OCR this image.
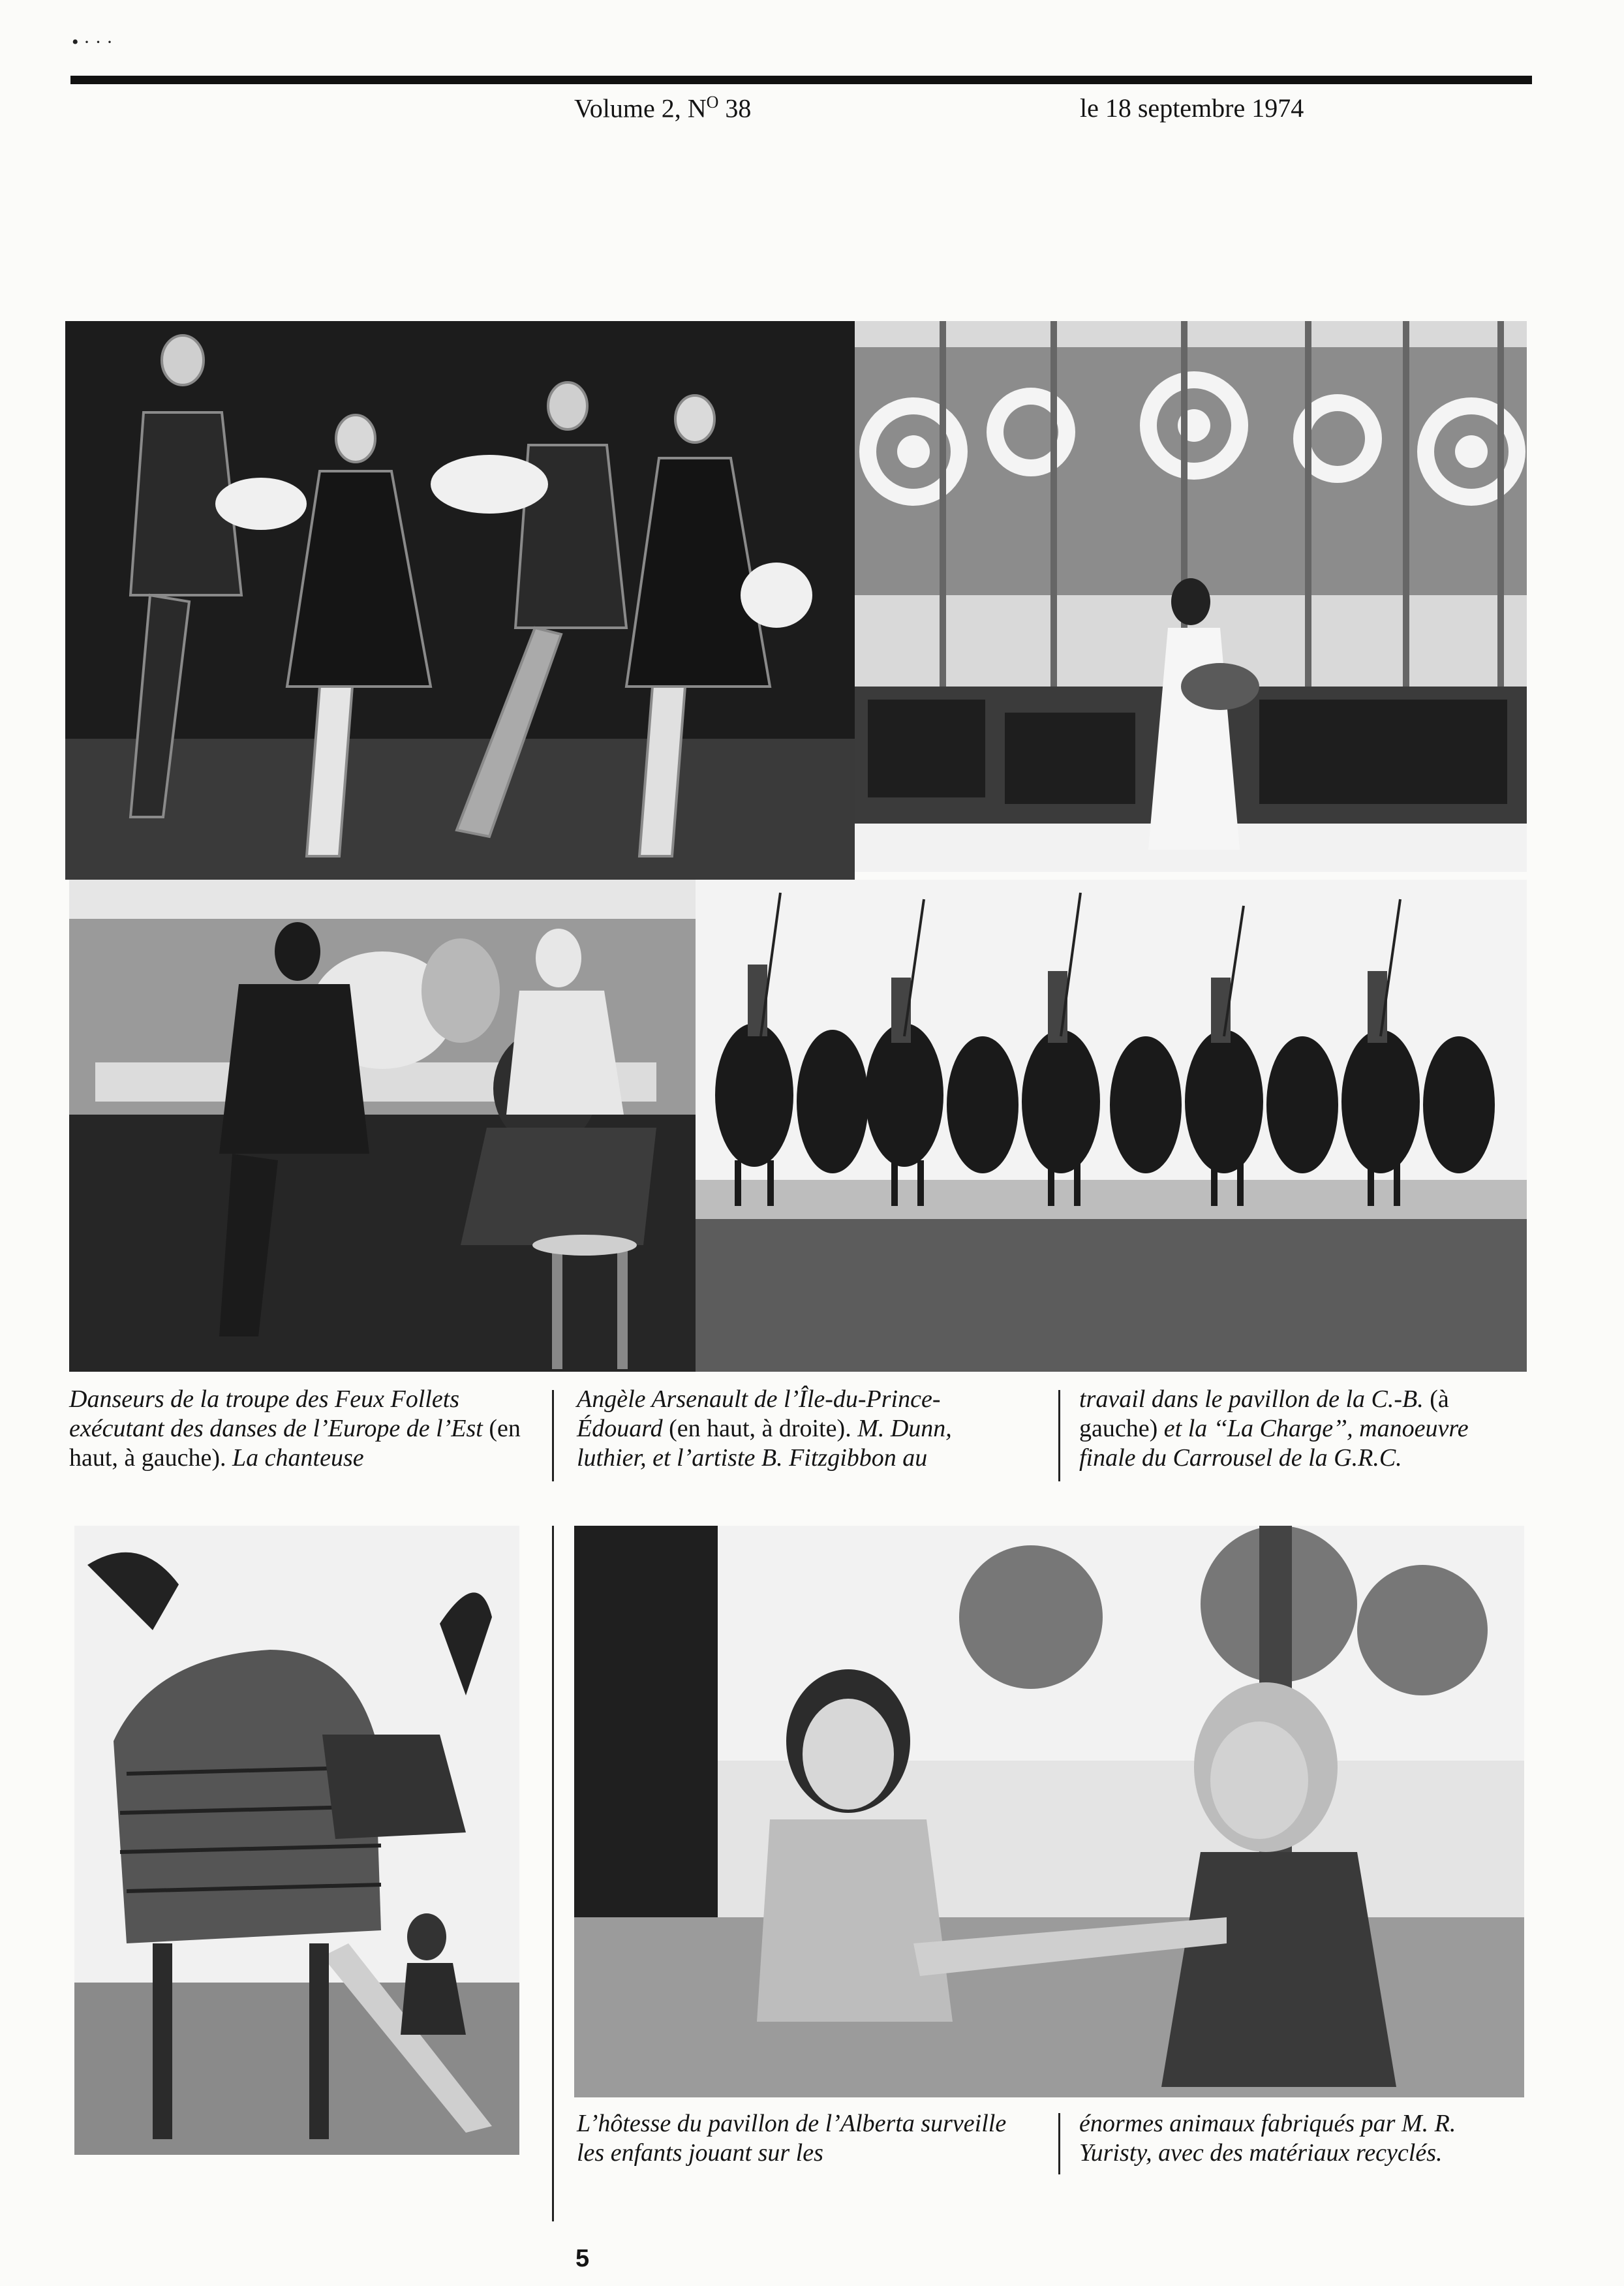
• · · ·
Volume 2, $N^O$ 38	le 18 septembre 1974

Danseurs de la troupe des Feux Follets exécutant des danses de l’Europe de l’Est (en haut, à gauche). La chanteuse

Angèle Arsenault de l’Île-du-Prince-Édouard (en haut, à droite). M. Dunn, luthier, et l’artiste B. Fitzgibbon au

travail dans le pavillon de la C.-B. (à gauche) et la ‘‘La Charge’’, manoeuvre finale du Carrousel de la G.R.C.

L’hôtesse du pavillon de l’Alberta surveille les enfants jouant sur les

énormes animaux fabriqués par M. R. Yuristy, avec des matériaux recyclés.

5
